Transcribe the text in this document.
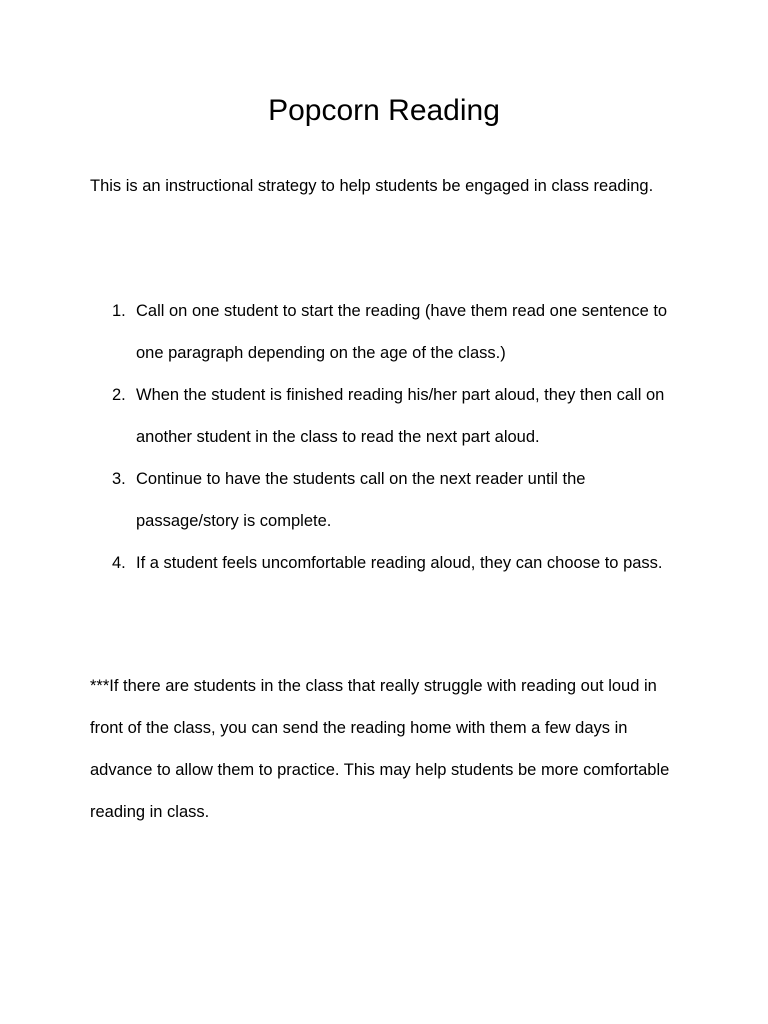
Popcorn Reading

This is an instructional strategy to help students be engaged in class reading.

1. Call on one student to start the reading (have them read one sentence to one paragraph depending on the age of the class.)
2. When the student is finished reading his/her part aloud, they then call on another student in the class to read the next part aloud.
3. Continue to have the students call on the next reader until the passage/story is complete.
4. If a student feels uncomfortable reading aloud, they can choose to pass.

***If there are students in the class that really struggle with reading out loud in front of the class, you can send the reading home with them a few days in advance to allow them to practice. This may help students be more comfortable reading in class.
